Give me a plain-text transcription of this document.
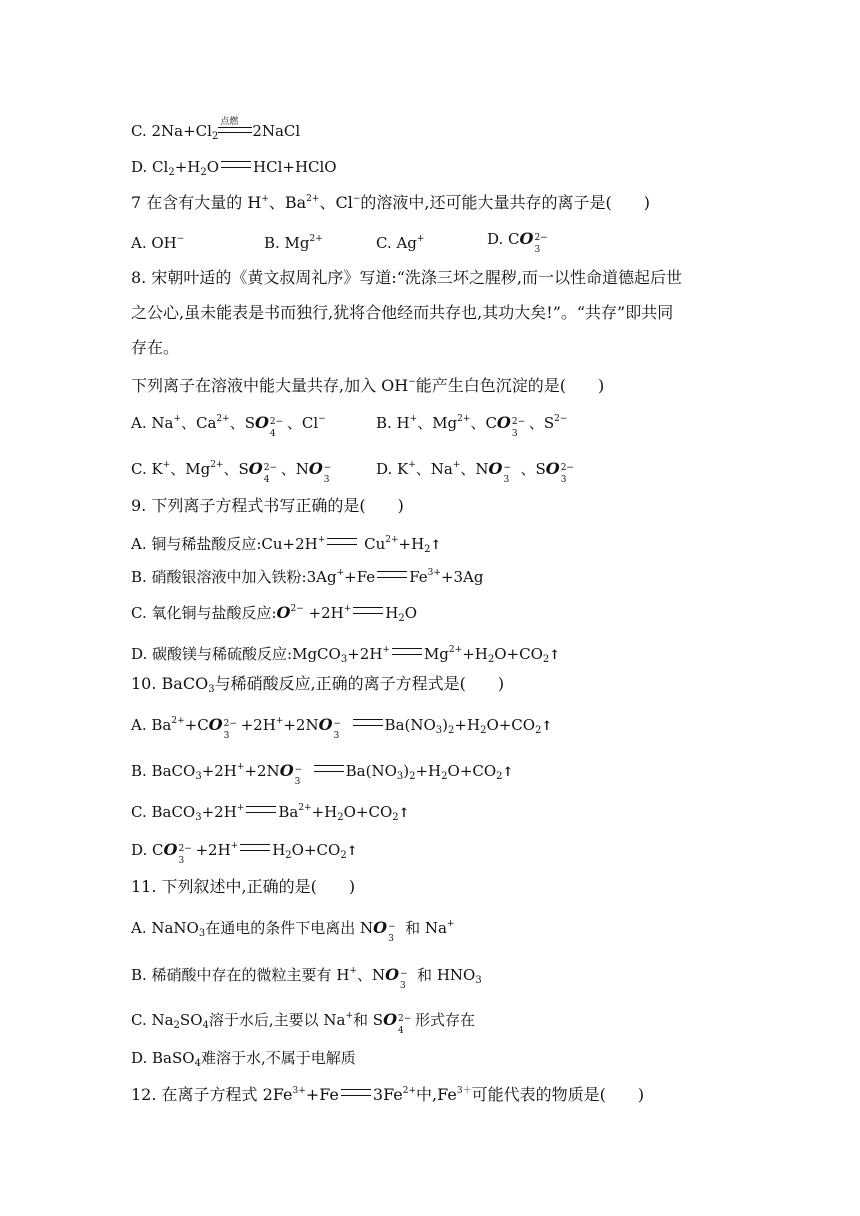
C. $2Na+Cl_2$
点燃 2NaCl
D. $Cl_2+H_2O$ HCl+HClO
7 在含有大量的 H+、$Ba^{2+}$、Cl−的溶液中,还可能大量共存的离子是(　　)
A. OH−	B. $Mg^{2+}$	C. Ag+	D. CO 2−
3
8. 宋朝叶适的《黄文叔周礼序》写道:“洗涤三坏之腥秽,而一以性命道德起后世
之公心,虽未能表是书而独行,犹将合他经而共存也,其功大矣!”。“共存”即共同
存在。
下列离子在溶液中能大量共存,加入 OH−能产生白色沉淀的是(　　)
A. Na+、$Ca^{2+}$、SO 2−
4
、Cl−	B. H+、$Mg^{2+}$、CO 2−
3
、$S^{2-}$
C. K+、$Mg^{2+}$、SO 2−
4
、NO −
3
D. K+、Na+、NO −
3
、SO 2−
3
9. 下列离子方程式书写正确的是(　　)
A. 铜与稀盐酸反应:Cu+2H+	$Cu^{2+}+H_2↑$
B. 硝酸银溶液中加入铁粉:3Ag++Fe $Fe^{3+}+3Ag$
C. 氧化铜与盐酸反应$:O^{2-} +2H^+$ $H_2O$
D. 碳酸镁与稀硫酸反应:MgCO$_3$+2H+ $Mg^{2+}+H_2O+CO_2↑$
10. BaCO$_3$与稀硝酸反应,正确的离子方程式是(　　)
A. $Ba^{2+}+CO$ 2−
3
+2H++2NO −
3
$Ba(NO_3)_2+H_2O+CO_2↑$
B. BaCO$_3$+2H++2NO −
3
$Ba(NO_3)_2+H_2O+CO_2↑$
C. BaCO$_3$+2H+ $Ba^{2+}+H_2O+CO_2↑$
D. CO 2−
3
+2H+ $H_2O+CO_2↑$
11. 下列叙述中,正确的是(　　)
A. NaNO$_3$在通电的条件下电离出 NO −
3
和 Na+
B. 稀硝酸中存在的微粒主要有 H+、NO −
3
和 $HNO_3$
C. $Na_2SO_4$溶于水后,主要以 Na+和 SO 2−
4
形式存在
D. BaSO$_4$难溶于水,不属于电解质
12. 在离子方程式 $2Fe^{3+}+Fe$ $3Fe^{2+}$中$,Fe^{3+}$可能代表的物质是(　　)
